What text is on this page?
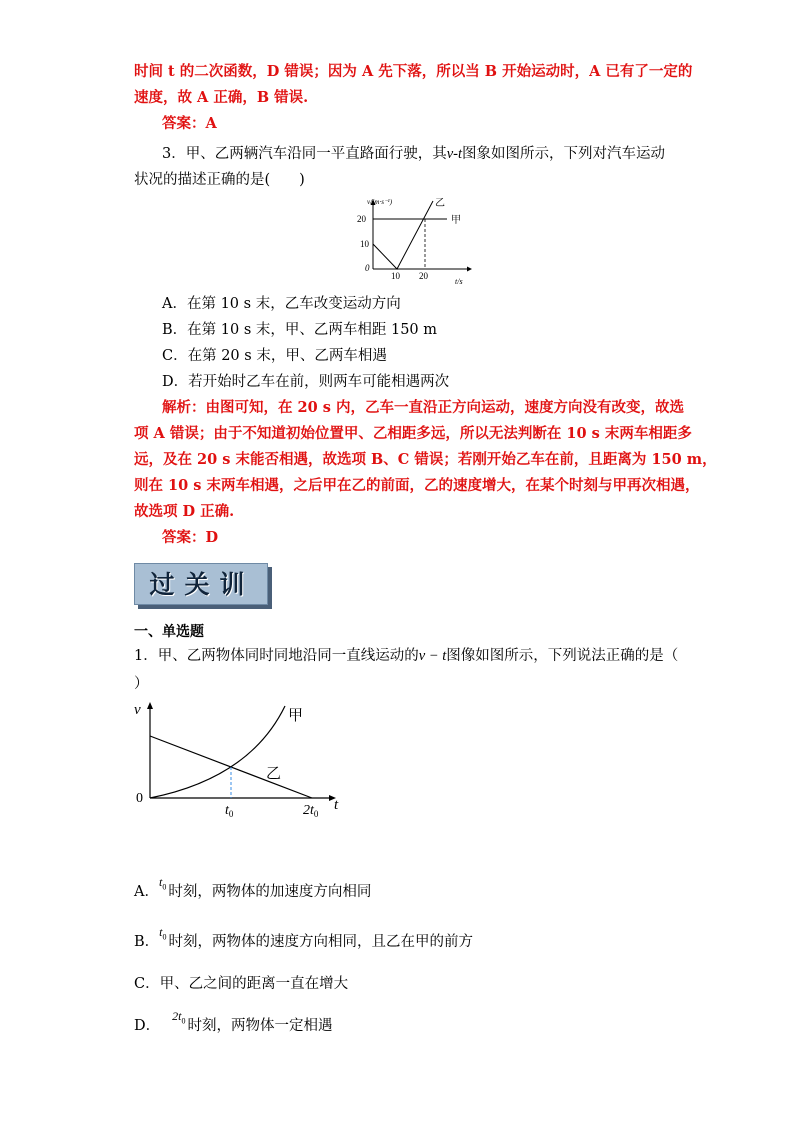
时间 t 的二次函数，D 错误；因为 A 先下落，所以当 B 开始运动时，A 已有了一定的
速度，故 A 正确，B 错误.
答案：A
3．甲、乙两辆汽车沿同一平直路面行驶，其v-t图象如图所示，下列对汽车运动
状况的描述正确的是(　　)
v/(m·s⁻¹)
20
10
0
10 20
t/s
乙
甲
A．在第 10 s 末，乙车改变运动方向
B．在第 10 s 末，甲、乙两车相距 150 m
C．在第 20 s 末，甲、乙两车相遇
D．若开始时乙车在前，则两车可能相遇两次
解析：由图可知，在 20 s 内，乙车一直沿正方向运动，速度方向没有改变，故选
项 A 错误；由于不知道初始位置甲、乙相距多远，所以无法判断在 10 s 末两车相距多
远，及在 20 s 末能否相遇，故选项 B、C 错误；若刚开始乙车在前，且距离为 150 m，
则在 10 s 末两车相遇，之后甲在乙的前面，乙的速度增大，在某个时刻与甲再次相遇，
故选项 D 正确.
答案：D
过关训
一、单选题
1．甲、乙两物体同时同地沿同一直线运动的v − t图像如图所示，下列说法正确的是（
）
v
0
$t_0$	$2t_0$
t
甲
乙
A．$^{t_0}$ 时刻，两物体的加速度方向相同
B．$^{t_0}$ 时刻，两物体的速度方向相同，且乙在甲的前方
C．甲、乙之间的距离一直在增大
D．$^{2t_0}$ 时刻，两物体一定相遇
